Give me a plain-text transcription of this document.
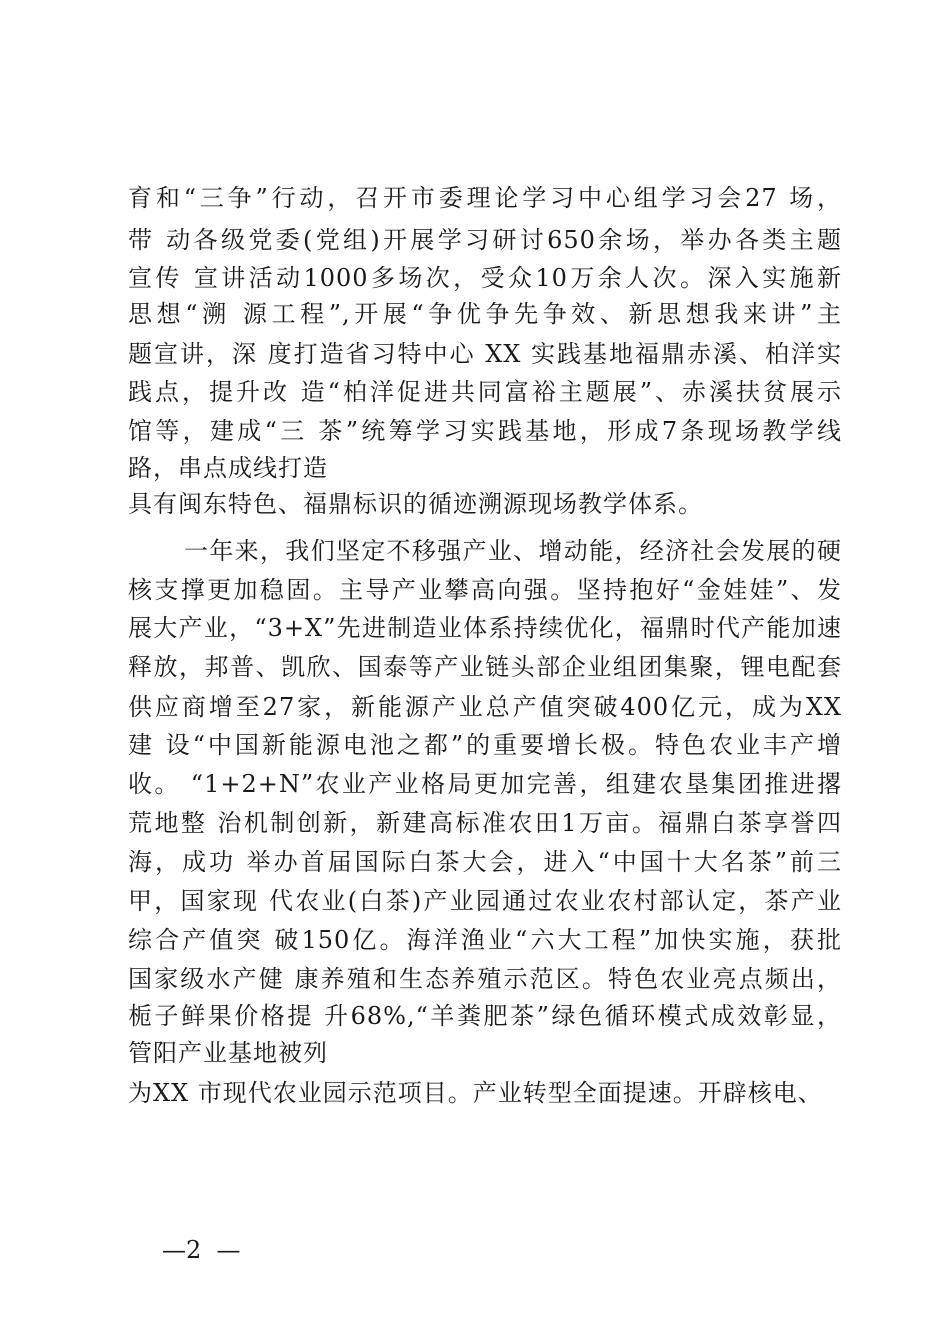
育和“三争”行动，召开市委理论学习中心组学习会27 场，
带 动各级党委(党组)开展学习研讨650余场，举办各类主题
宣传 宣讲活动1000多场次，受众10万余人次。深入实施新
思想“溯 源工程”,开展“争优争先争效、新思想我来讲”主
题宣讲，深 度打造省习特中心 XX 实践基地福鼎赤溪、柏洋实
践点，提升改 造“柏洋促进共同富裕主题展”、赤溪扶贫展示
馆等，建成“三 茶”统筹学习实践基地，形成7条现场教学线
路，串点成线打造
具有闽东特色、福鼎标识的循迹溯源现场教学体系。
一年来，我们坚定不移强产业、增动能，经济社会发展的硬
核支撑更加稳固。主导产业攀高向强。坚持抱好“金娃娃”、发
展大产业，“3+X”先进制造业体系持续优化，福鼎时代产能加速
释放，邦普、凯欣、国泰等产业链头部企业组团集聚，锂电配套
供应商增至27家，新能源产业总产值突破400亿元，成为XX
建 设“中国新能源电池之都”的重要增长极。特色农业丰产增
收。 “1+2+N”农业产业格局更加完善，组建农垦集团推进撂
荒地整 治机制创新，新建高标准农田1万亩。福鼎白茶享誉四
海，成功 举办首届国际白茶大会，进入“中国十大名茶”前三
甲，国家现 代农业(白茶)产业园通过农业农村部认定，茶产业
综合产值突 破150亿。海洋渔业“六大工程”加快实施，获批
国家级水产健 康养殖和生态养殖示范区。特色农业亮点频出，
栀子鲜果价格提 升68%,“羊粪肥茶”绿色循环模式成效彰显，
管阳产业基地被列
为XX 市现代农业园示范项目。产业转型全面提速。开辟核电、
—2  —
